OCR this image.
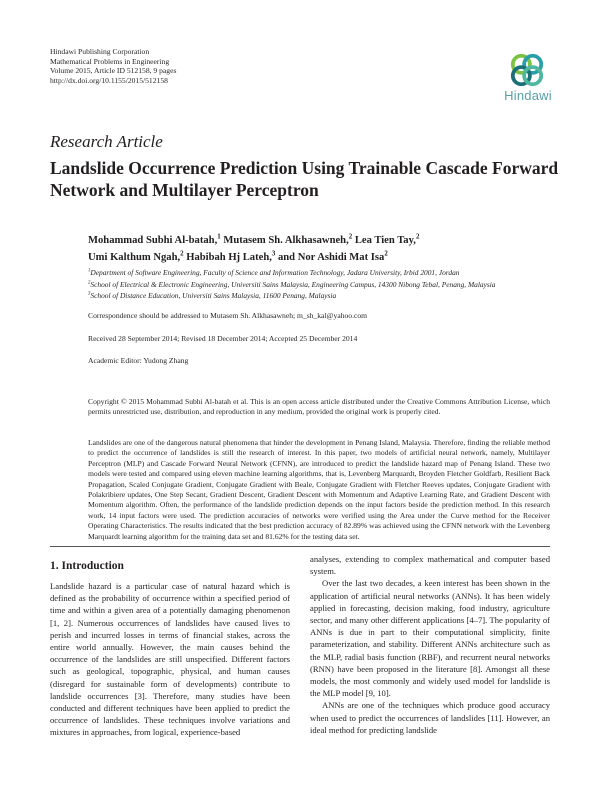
Hindawi Publishing Corporation
Mathematical Problems in Engineering
Volume 2015, Article ID 512158, 9 pages
http://dx.doi.org/10.1155/2015/512158
Hindawi
Research Article
Landslide Occurrence Prediction Using Trainable Cascade Forward Network and Multilayer Perceptron
Mohammad Subhi Al-batah,$^1$ Mutasem Sh. Alkhasawneh,$^2$ Lea Tien Tay,$^2$
Umi Kalthum Ngah,$^2$ Habibah Hj Lateh,$^3$ and Nor Ashidi Mat Isa$^2$
$^1$Department of Software Engineering, Faculty of Science and Information Technology, Jadara University, Irbid 2001, Jordan
$^2$School of Electrical & Electronic Engineering, Universiti Sains Malaysia, Engineering Campus, 14300 Nibong Tebal, Penang, Malaysia
$^3$School of Distance Education, Universiti Sains Malaysia, 11600 Penang, Malaysia
Correspondence should be addressed to Mutasem Sh. Alkhasawneh; m_sh_kal@yahoo.com
Received 28 September 2014; Revised 18 December 2014; Accepted 25 December 2014
Academic Editor: Yudong Zhang
Copyright © 2015 Mohammad Subhi Al-batah et al. This is an open access article distributed under the Creative Commons Attribution License, which permits unrestricted use, distribution, and reproduction in any medium, provided the original work is properly cited.
Landslides are one of the dangerous natural phenomena that hinder the development in Penang Island, Malaysia. Therefore, finding the reliable method to predict the occurrence of landslides is still the research of interest. In this paper, two models of artificial neural network, namely, Multilayer Perceptron (MLP) and Cascade Forward Neural Network (CFNN), are introduced to predict the landslide hazard map of Penang Island. These two models were tested and compared using eleven machine learning algorithms, that is, Levenberg Marquardt, Broyden Fletcher Goldfarb, Resilient Back Propagation, Scaled Conjugate Gradient, Conjugate Gradient with Beale, Conjugate Gradient with Fletcher Reeves updates, Conjugate Gradient with Polakribiere updates, One Step Secant, Gradient Descent, Gradient Descent with Momentum and Adaptive Learning Rate, and Gradient Descent with Momentum algorithm. Often, the performance of the landslide prediction depends on the input factors beside the prediction method. In this research work, 14 input factors were used. The prediction accuracies of networks were verified using the Area under the Curve method for the Receiver Operating Characteristics. The results indicated that the best prediction accuracy of 82.89% was achieved using the CFNN network with the Levenberg Marquardt learning algorithm for the training data set and 81.62% for the testing data set.
1. Introduction

Landslide hazard is a particular case of natural hazard which is defined as the probability of occurrence within a specified period of time and within a given area of a potentially damaging phenomenon [1, 2]. Numerous occurrences of landslides have caused lives to perish and incurred losses in terms of financial stakes, across the entire world annually. However, the main causes behind the occurrence of the landslides are still unspecified. Different factors such as geological, topographic, physical, and human causes (disregard for sustainable form of developments) contribute to landslide occurrences [3]. Therefore, many studies have been conducted and different techniques have been applied to predict the occurrence of landslides. These techniques involve variations and mixtures in approaches, from logical, experience-based

analyses, extending to complex mathematical and computer based system.

Over the last two decades, a keen interest has been shown in the application of artificial neural networks (ANNs). It has been widely applied in forecasting, decision making, food industry, agriculture sector, and many other different applications [4–7]. The popularity of ANNs is due in part to their computational simplicity, finite parameterization, and stability. Different ANNs architecture such as the MLP, radial basis function (RBF), and recurrent neural networks (RNN) have been proposed in the literature [8]. Amongst all these models, the most commonly and widely used model for landslide is the MLP model [9, 10].

ANNs are one of the techniques which produce good accuracy when used to predict the occurrences of landslides [11]. However, an ideal method for predicting landslide
